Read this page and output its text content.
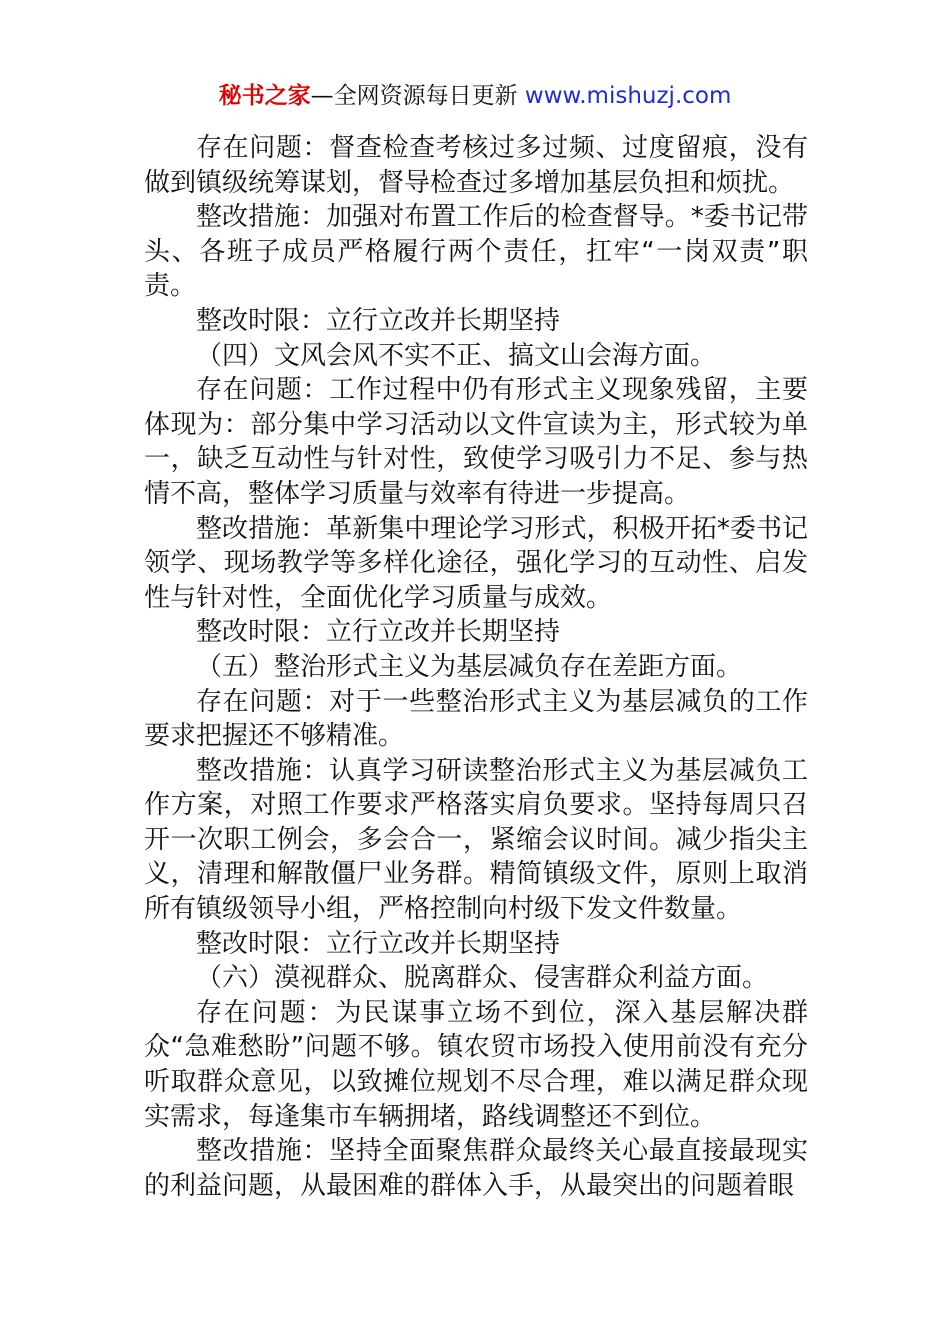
秘书之家—全网资源每日更新 www.mishuzj.com

存在问题：督查检查考核过多过频、过度留痕，没有做到镇级统筹谋划，督导检查过多增加基层负担和烦扰。

整改措施：加强对布置工作后的检查督导。*委书记带头、各班子成员严格履行两个责任，扛牢“一岗双责”职责。

整改时限：立行立改并长期坚持

（四）文风会风不实不正、搞文山会海方面。

存在问题：工作过程中仍有形式主义现象残留，主要体现为：部分集中学习活动以文件宣读为主，形式较为单一，缺乏互动性与针对性，致使学习吸引力不足、参与热情不高，整体学习质量与效率有待进一步提高。

整改措施：革新集中理论学习形式，积极开拓*委书记领学、现场教学等多样化途径，强化学习的互动性、启发性与针对性，全面优化学习质量与成效。

整改时限：立行立改并长期坚持

（五）整治形式主义为基层减负存在差距方面。

存在问题：对于一些整治形式主义为基层减负的工作要求把握还不够精准。

整改措施：认真学习研读整治形式主义为基层减负工作方案，对照工作要求严格落实肩负要求。坚持每周只召开一次职工例会，多会合一，紧缩会议时间。减少指尖主义，清理和解散僵尸业务群。精简镇级文件，原则上取消所有镇级领导小组，严格控制向村级下发文件数量。

整改时限：立行立改并长期坚持

（六）漠视群众、脱离群众、侵害群众利益方面。

存在问题：为民谋事立场不到位，深入基层解决群众“急难愁盼”问题不够。镇农贸市场投入使用前没有充分听取群众意见，以致摊位规划不尽合理，难以满足群众现实需求，每逢集市车辆拥堵，路线调整还不到位。

整改措施：坚持全面聚焦群众最终关心最直接最现实的利益问题，从最困难的群体入手，从最突出的问题着眼
